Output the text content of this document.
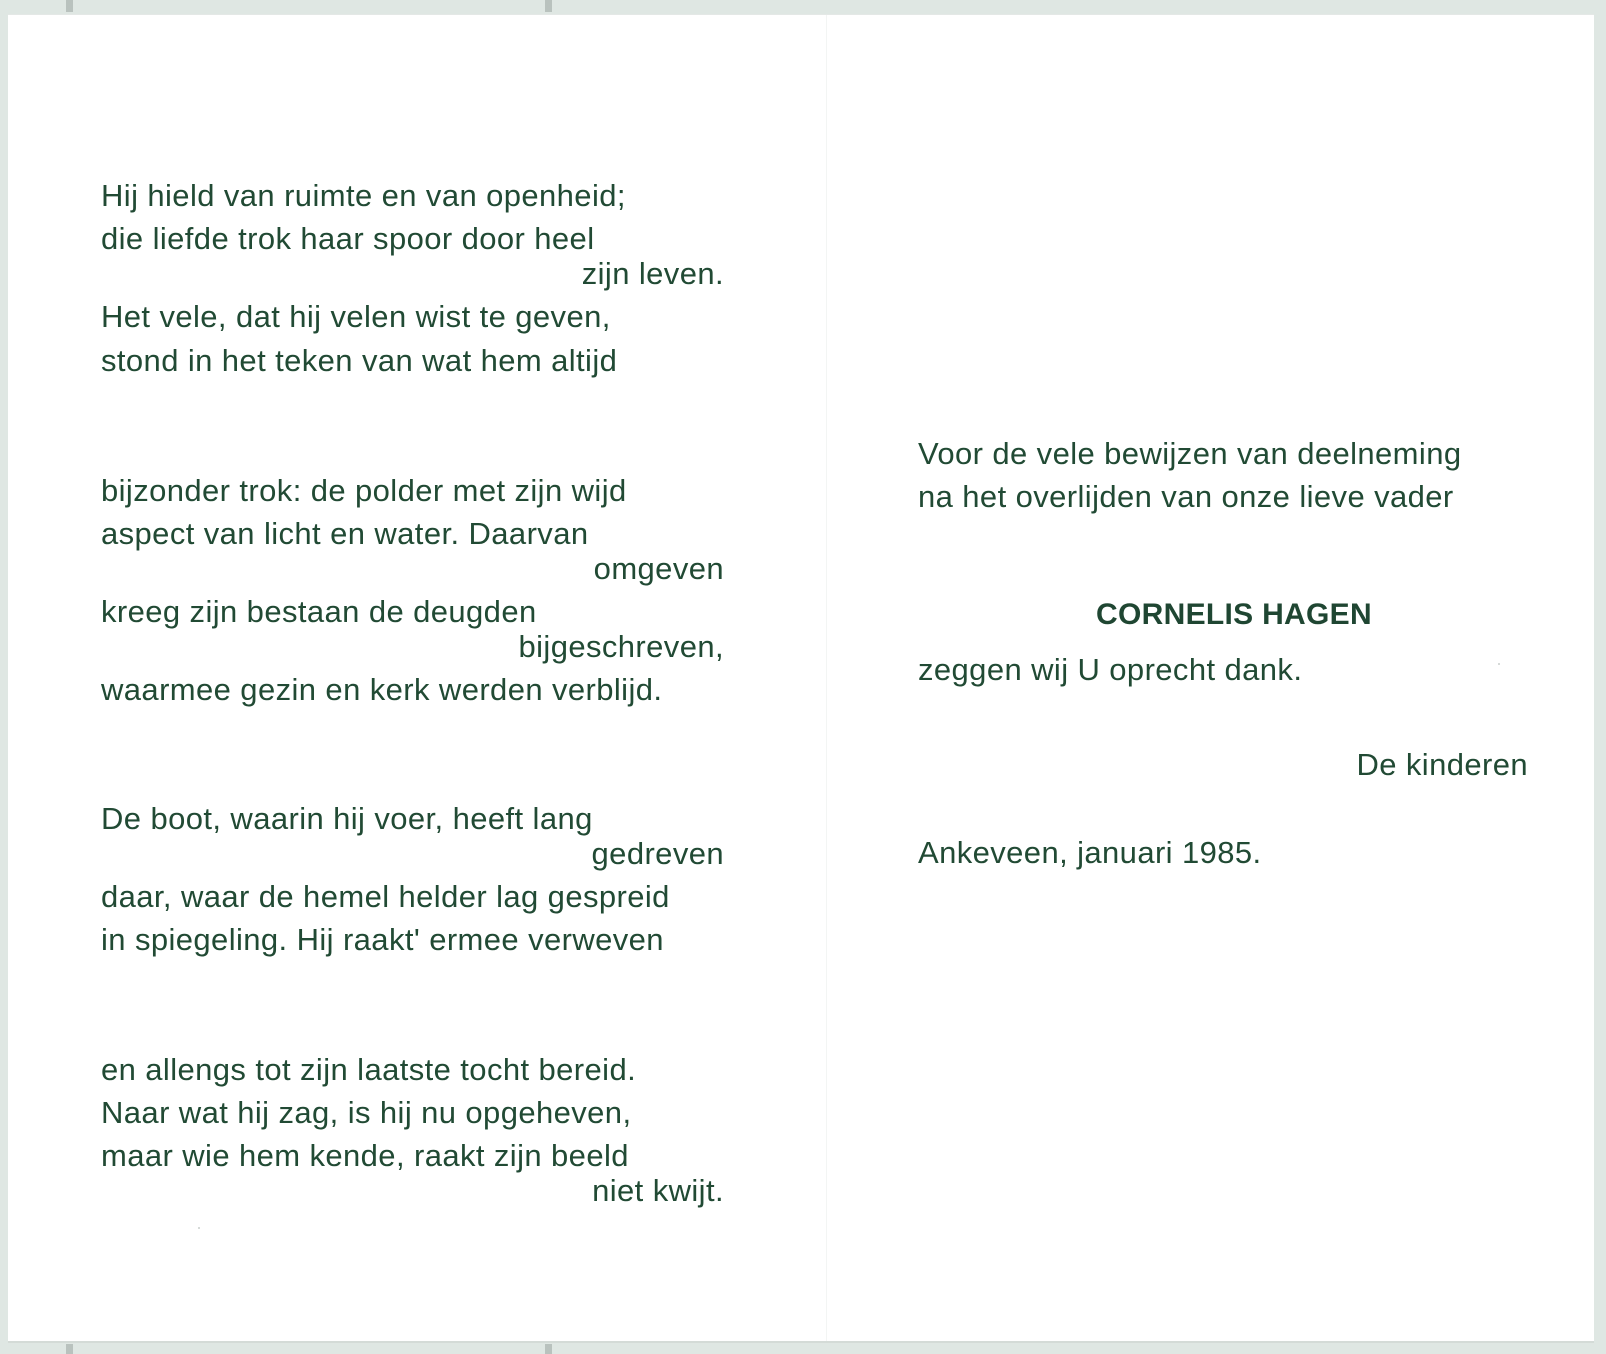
Hij hield van ruimte en van openheid;

die liefde trok haar spoor door heel

zijn leven.

Het vele, dat hij velen wist te geven,

stond in het teken van wat hem altijd

bijzonder trok: de polder met zijn wijd

aspect van licht en water. Daarvan

omgeven

kreeg zijn bestaan de deugden

bijgeschreven,

waarmee gezin en kerk werden verblijd.

De boot, waarin hij voer, heeft lang

gedreven

daar, waar de hemel helder lag gespreid

in spiegeling. Hij raakt' ermee verweven

en allengs tot zijn laatste tocht bereid.

Naar wat hij zag, is hij nu opgeheven,

maar wie hem kende, raakt zijn beeld

niet kwijt.

Voor de vele bewijzen van deelneming

na het overlijden van onze lieve vader

CORNELIS HAGEN

zeggen wij U oprecht dank.

De kinderen

Ankeveen, januari 1985.
